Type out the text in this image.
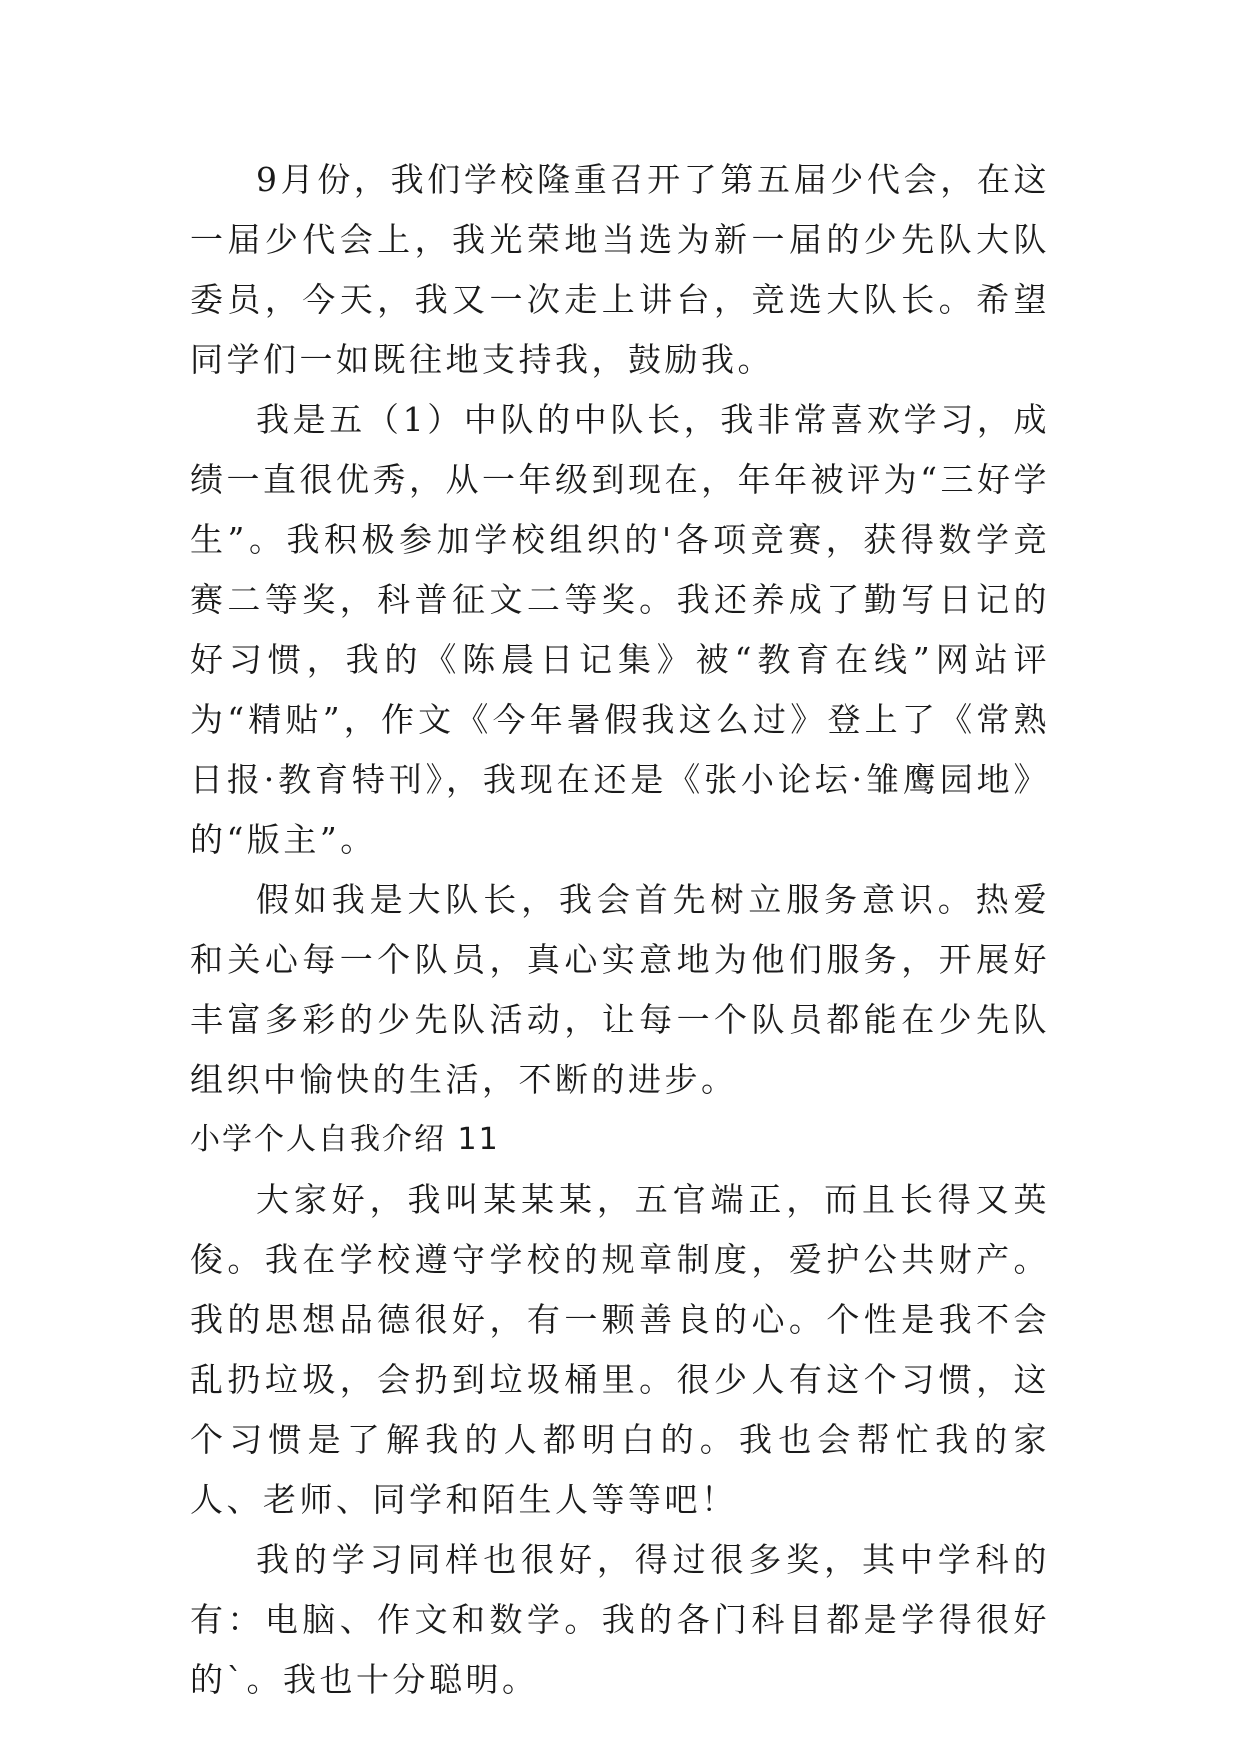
9月份，我们学校隆重召开了第五届少代会，在这一届少代会上，我光荣地当选为新一届的少先队大队委员，今天，我又一次走上讲台，竞选大队长。希望同学们一如既往地支持我，鼓励我。

我是五（1）中队的中队长，我非常喜欢学习，成绩一直很优秀，从一年级到现在，年年被评为“三好学生”。我积极参加学校组织的'各项竞赛，获得数学竞赛二等奖，科普征文二等奖。我还养成了勤写日记的好习惯，我的《陈晨日记集》被“教育在线”网站评为“精贴”，作文《今年暑假我这么过》登上了《常熟日报·教育特刊》，我现在还是《张小论坛·雏鹰园地》的“版主”。

假如我是大队长，我会首先树立服务意识。热爱和关心每一个队员，真心实意地为他们服务，开展好丰富多彩的少先队活动，让每一个队员都能在少先队组织中愉快的生活，不断的进步。

小学个人自我介绍 11

大家好，我叫某某某，五官端正，而且长得又英俊。我在学校遵守学校的规章制度，爱护公共财产。我的思想品德很好，有一颗善良的心。个性是我不会乱扔垃圾，会扔到垃圾桶里。很少人有这个习惯，这个习惯是了解我的人都明白的。我也会帮忙我的家人、老师、同学和陌生人等等吧！

我的学习同样也很好，得过很多奖，其中学科的有：电脑、作文和数学。我的各门科目都是学得很好的`。我也十分聪明。
